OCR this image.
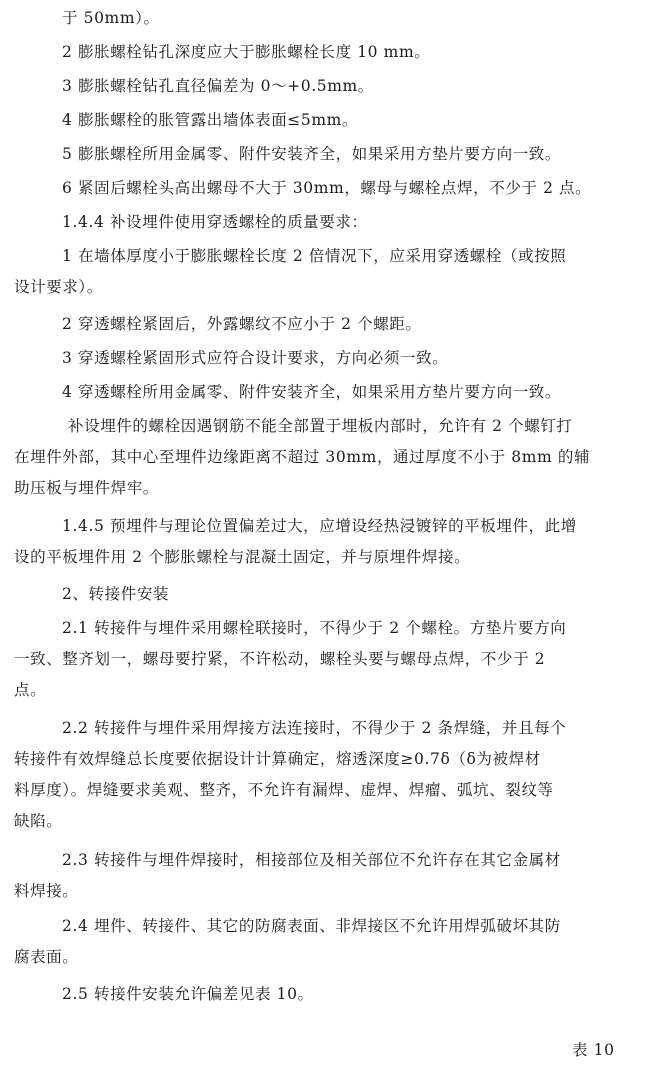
于 50mm）。

2 膨胀螺栓钻孔深度应大于膨胀螺栓长度 10 mm。

3 膨胀螺栓钻孔直径偏差为 0～+0.5mm。

4 膨胀螺栓的胀管露出墙体表面≤5mm。

5 膨胀螺栓所用金属零、附件安装齐全，如果采用方垫片要方向一致。

6 紧固后螺栓头高出螺母不大于 30mm，螺母与螺栓点焊，不少于 2 点。

1.4.4 补设埋件使用穿透螺栓的质量要求：

1 在墙体厚度小于膨胀螺栓长度 2 倍情况下，应采用穿透螺栓（或按照
设计要求）。

2 穿透螺栓紧固后，外露螺纹不应小于 2 个螺距。

3 穿透螺栓紧固形式应符合设计要求，方向必须一致。

4 穿透螺栓所用金属零、附件安装齐全，如果采用方垫片要方向一致。

补设埋件的螺栓因遇钢筋不能全部置于埋板内部时，允许有 2 个螺钉打
在埋件外部，其中心至埋件边缘距离不超过 30mm，通过厚度不小于 8mm 的辅
助压板与埋件焊牢。

1.4.5 预埋件与理论位置偏差过大，应增设经热浸镀锌的平板埋件，此增
设的平板埋件用 2 个膨胀螺栓与混凝土固定，并与原埋件焊接。

2、转接件安装

2.1 转接件与埋件采用螺栓联接时，不得少于 2 个螺栓。方垫片要方向
一致、整齐划一，螺母要拧紧，不许松动，螺栓头要与螺母点焊，不少于 2
点。

2.2 转接件与埋件采用焊接方法连接时，不得少于 2 条焊缝，并且每个
转接件有效焊缝总长度要依据设计计算确定，熔透深度≥0.7δ（δ为被焊材
料厚度）。焊缝要求美观、整齐，不允许有漏焊、虚焊、焊瘤、弧坑、裂纹等
缺陷。

2.3 转接件与埋件焊接时，相接部位及相关部位不允许存在其它金属材
料焊接。

2.4 埋件、转接件、其它的防腐表面、非焊接区不允许用焊弧破坏其防
腐表面。

2.5 转接件安装允许偏差见表 10。

表 10
